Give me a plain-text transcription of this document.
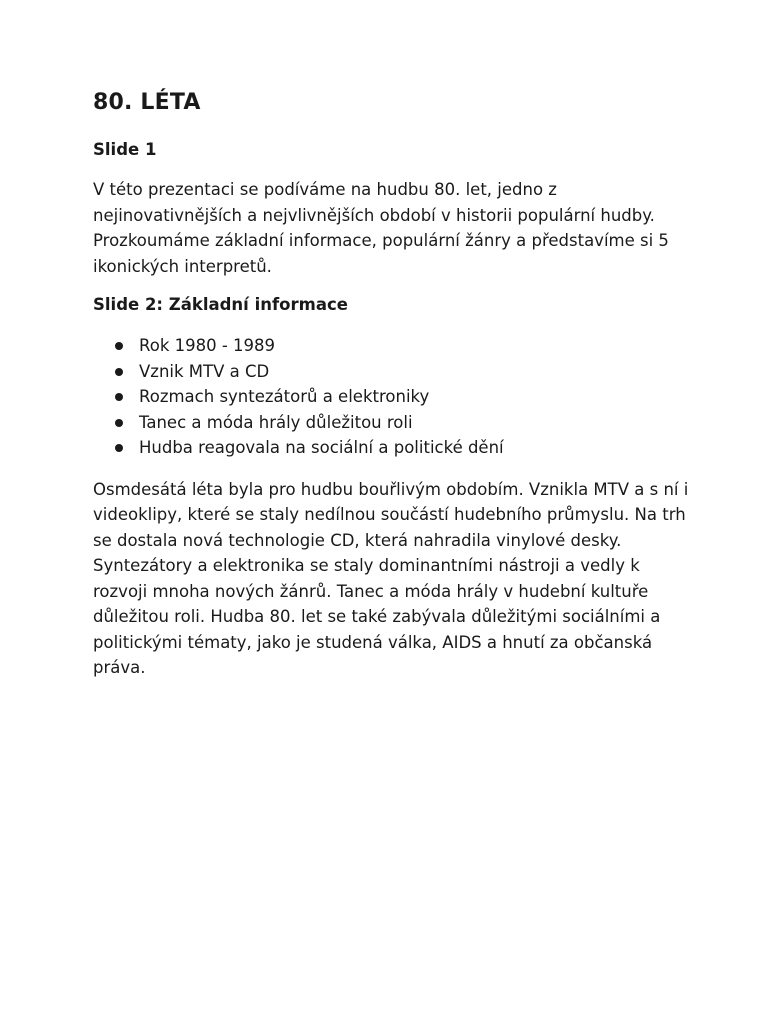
80. LÉTA
Slide 1

V této prezentaci se podíváme na hudbu 80. let, jedno z nejinovativnějších a nejvlivnějších období v historii populární hudby. Prozkoumáme základní informace, populární žánry a představíme si 5 ikonických interpretů.

Slide 2: Základní informace
Rok 1980 - 1989
Vznik MTV a CD
Rozmach syntezátorů a elektroniky
Tanec a móda hrály důležitou roli
Hudba reagovala na sociální a politické dění

Osmdesátá léta byla pro hudbu bouřlivým obdobím. Vznikla MTV a s ní i videoklipy, které se staly nedílnou součástí hudebního průmyslu. Na trh se dostala nová technologie CD, která nahradila vinylové desky. Syntezátory a elektronika se staly dominantními nástroji a vedly k rozvoji mnoha nových žánrů. Tanec a móda hrály v hudební kultuře důležitou roli. Hudba 80. let se také zabývala důležitými sociálními a politickými tématy, jako je studená válka, AIDS a hnutí za občanská práva.
